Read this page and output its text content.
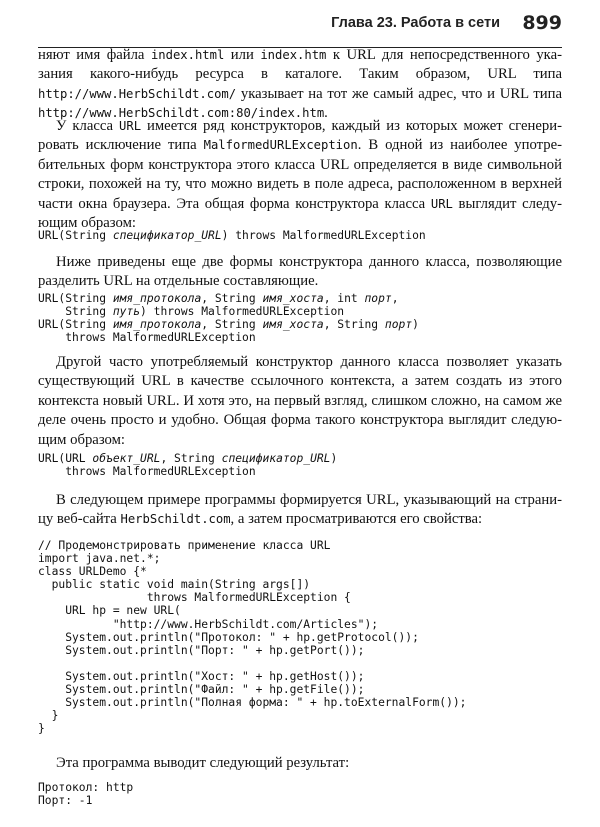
Глава 23. Работа в сети 899
няют имя файла index.html или index.htm к URL для непосредственного ука-зания какого-нибудь ресурса в каталоге. Таким образом, URL типа http://www.HerbSchildt.com/ указывает на тот же самый адрес, что и URL типа http://www.HerbSchildt.com:80/index.htm.
У класса URL имеется ряд конструкторов, каждый из которых может сгенери-ровать исключение типа MalformedURLException. В одной из наиболее употре-бительных форм конструктора этого класса URL определяется в виде символьной строки, похожей на ту, что можно видеть в поле адреса, расположенном в верхней части окна браузера. Эта общая форма конструктора класса URL выглядит следу-ющим образом:
URL(String спецификатор_URL) throws MalformedURLException
Ниже приведены еще две формы конструктора данного класса, позволяющие разделить URL на отдельные составляющие.
URL(String имя_протокола, String имя_хоста, int порт,
String путь) throws MalformedURLException
URL(String имя_протокола, String имя_хоста, String порт)
throws MalformedURLException
Другой часто употребляемый конструктор данного класса позволяет указать существующий URL в качестве ссылочного контекста, а затем создать из этого контекста новый URL. И хотя это, на первый взгляд, слишком сложно, на самом же деле очень просто и удобно. Общая форма такого конструктора выглядит следую-щим образом:
URL(URL объект_URL, String спецификатор_URL)
throws MalformedURLException
В следующем примере программы формируется URL, указывающий на страни-цу веб-сайта HerbSchildt.com, а затем просматриваются его свойства:
// Продемонстрировать применение класса URL
import java.net.*;
class URLDemo {*
public static void main(String args[])
throws MalformedURLException {
URL hp = new URL(
"http://www.HerbSchildt.com/Articles");
System.out.println("Протокол: " + hp.getProtocol());
System.out.println("Порт: " + hp.getPort());

System.out.println("Хост: " + hp.getHost());
System.out.println("Файл: " + hp.getFile());
System.out.println("Полная форма: " + hp.toExternalForm());
}
}
Эта программа выводит следующий результат:
Протокол: http
Порт: -1
